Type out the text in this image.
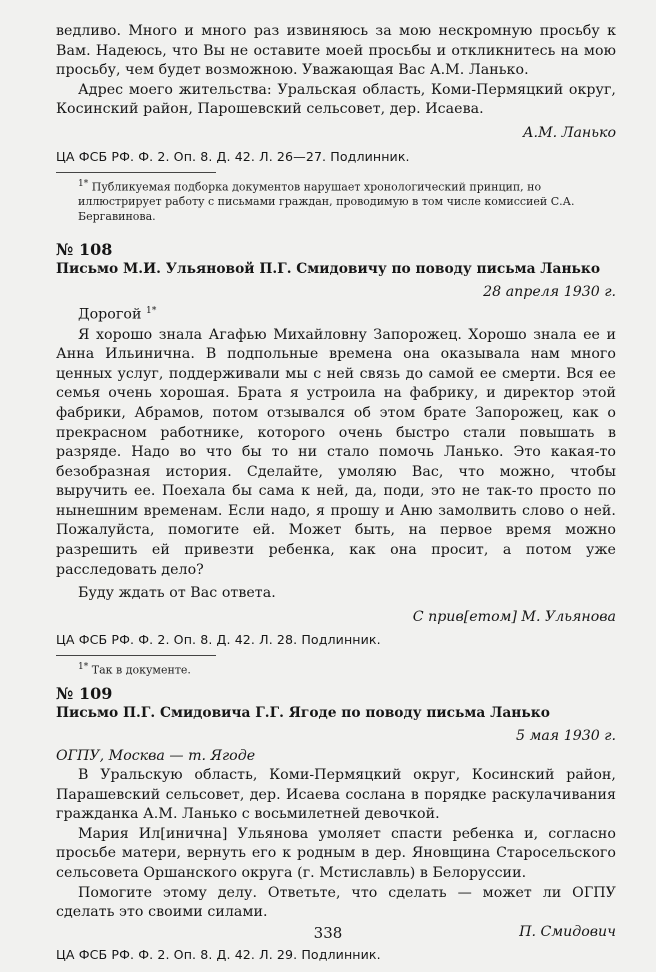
ведливо. Много и много раз извиняюсь за мою нескромную просьбу к Вам. Надеюсь, что Вы не оставите моей просьбы и откликнитесь на мою просьбу, чем будет возможною. Уважающая Вас А.М. Ланько.

Адрес моего жительства: Уральская область, Коми-Пермяцкий округ, Косинский район, Парошевский сельсовет, дер. Исаева.

А.М. Ланько

ЦА ФСБ РФ. Ф. 2. Оп. 8. Д. 42. Л. 26—27. Подлинник.

$^{1*}$ Публикуемая подборка документов нарушает хронологический принцип, но иллюстрирует работу с письмами граждан, проводимую в том числе комиссией С.А. Бергавинова.

№ 108

Письмо М.И. Ульяновой П.Г. Смидовичу по поводу письма Ланько

28 апреля 1930 г.

Дорогой $^{1*}$

Я хорошо знала Агафью Михайловну Запорожец. Хорошо знала ее и Анна Ильинична. В подпольные времена она оказывала нам много ценных услуг, поддерживали мы с ней связь до самой ее смерти. Вся ее семья очень хорошая. Брата я устроила на фабрику, и директор этой фабрики, Абрамов, потом отзывался об этом брате Запорожец, как о прекрасном работнике, которого очень быстро стали повышать в разряде. Надо во что бы то ни стало помочь Ланько. Это какая-то безобразная история. Сделайте, умоляю Вас, что можно, чтобы выручить ее. Поехала бы сама к ней, да, поди, это не так-то просто по нынешним временам. Если надо, я прошу и Аню замолвить слово о ней. Пожалуйста, помогите ей. Может быть, на первое время можно разрешить ей привезти ребенка, как она просит, а потом уже расследовать дело?

Буду ждать от Вас ответа.

С прив[етом] М. Ульянова

ЦА ФСБ РФ. Ф. 2. Оп. 8. Д. 42. Л. 28. Подлинник.

$^{1*}$ Так в документе.

№ 109

Письмо П.Г. Смидовича Г.Г. Ягоде по поводу письма Ланько

5 мая 1930 г.

ОГПУ, Москва — т. Ягоде

В Уральскую область, Коми-Пермяцкий округ, Косинский район, Парашевский сельсовет, дер. Исаева сослана в порядке раскулачивания гражданка А.М. Ланько с восьмилетней девочкой.

Мария Ил[инична] Ульянова умоляет спасти ребенка и, согласно просьбе матери, вернуть его к родным в дер. Яновщина Старосельского сельсовета Оршанского округа (г. Мстиславль) в Белоруссии.

Помогите этому делу. Ответьте, что сделать — может ли ОГПУ сделать это своими силами.

П. Смидович

ЦА ФСБ РФ. Ф. 2. Оп. 8. Д. 42. Л. 29. Подлинник.

338
